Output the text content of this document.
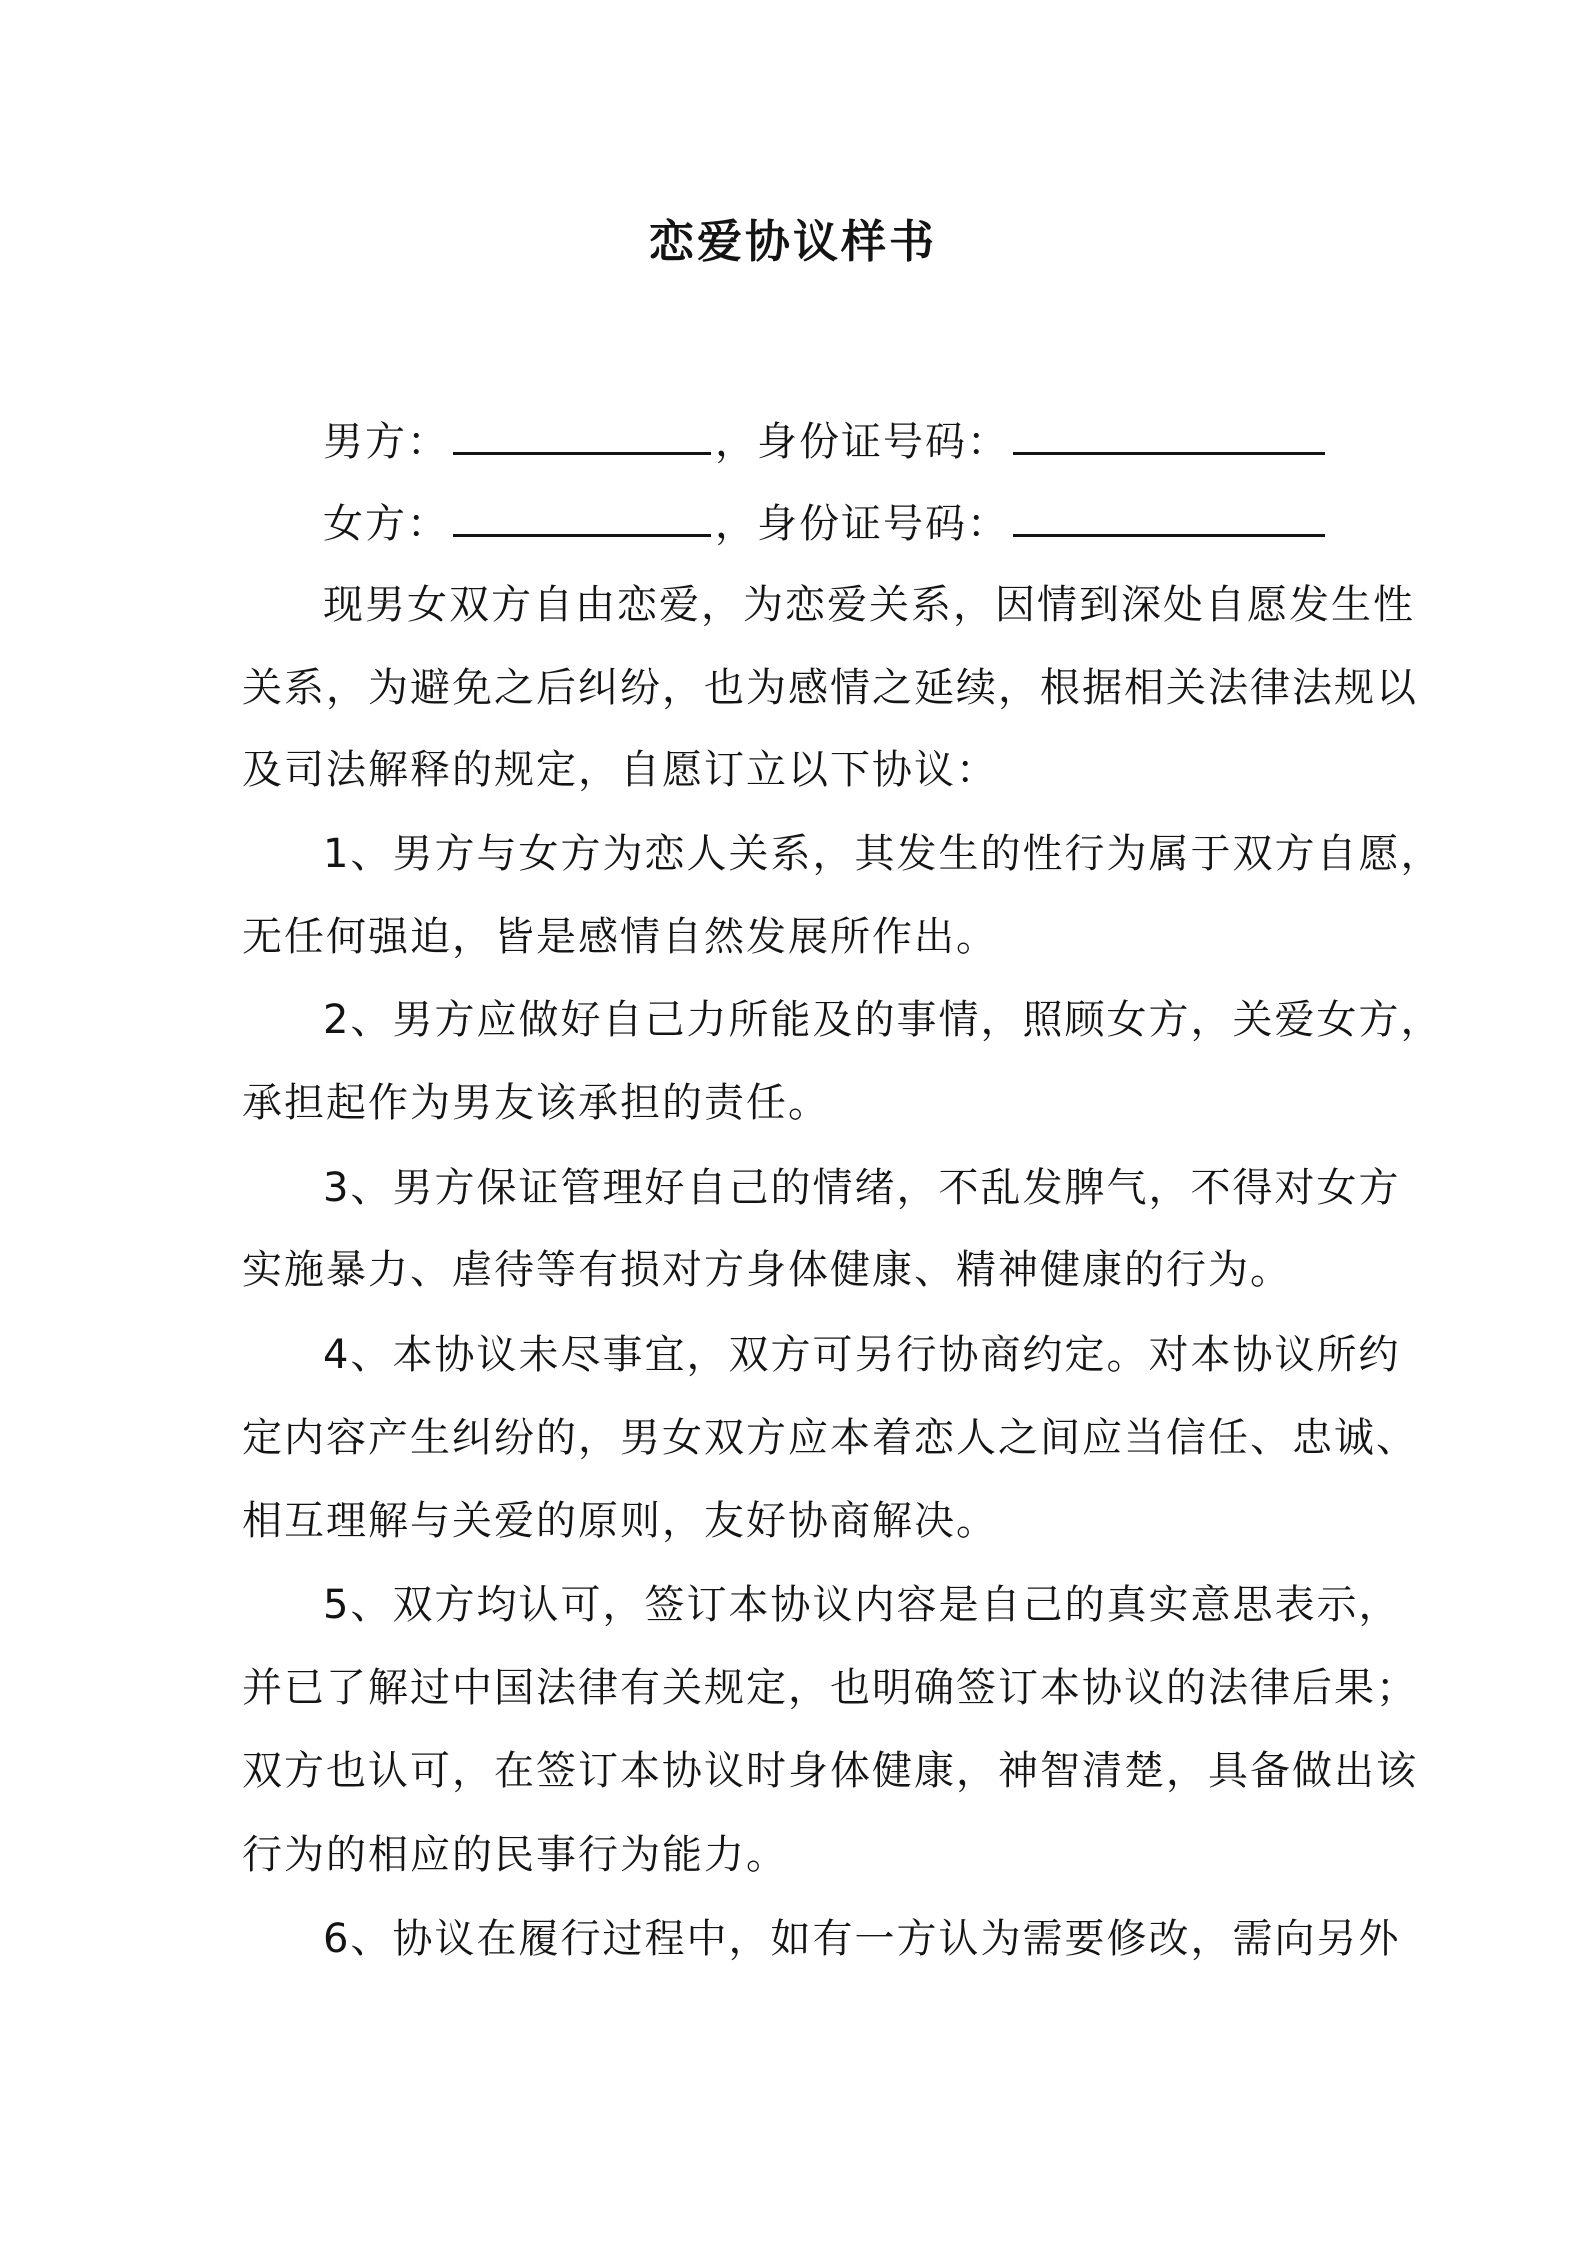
恋爱协议样书
男方：	，身份证号码：
女方：	，身份证号码：
现男女双方自由恋爱，为恋爱关系，因情到深处自愿发生性
关系，为避免之后纠纷，也为感情之延续，根据相关法律法规以
及司法解释的规定，自愿订立以下协议：
1、男方与女方为恋人关系，其发生的性行为属于双方自愿，
无任何强迫，皆是感情自然发展所作出。
2、男方应做好自己力所能及的事情，照顾女方，关爱女方，
承担起作为男友该承担的责任。
3、男方保证管理好自己的情绪，不乱发脾气，不得对女方
实施暴力、虐待等有损对方身体健康、精神健康的行为。
4、本协议未尽事宜，双方可另行协商约定。对本协议所约
定内容产生纠纷的，男女双方应本着恋人之间应当信任、忠诚、
相互理解与关爱的原则，友好协商解决。
5、双方均认可，签订本协议内容是自己的真实意思表示，
并已了解过中国法律有关规定，也明确签订本协议的法律后果；
双方也认可，在签订本协议时身体健康，神智清楚，具备做出该
行为的相应的民事行为能力。
6、协议在履行过程中，如有一方认为需要修改，需向另外
